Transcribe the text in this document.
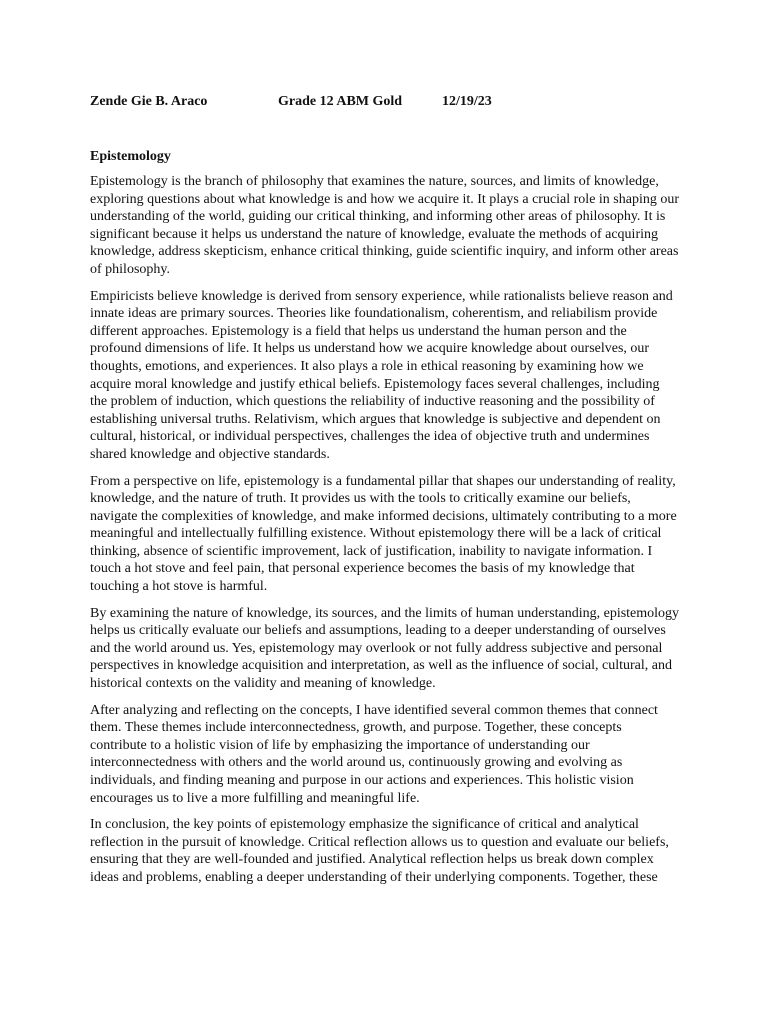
Zende Gie B. Araco	Grade 12 ABM Gold	12/19/23
Epistemology

Epistemology is the branch of philosophy that examines the nature, sources, and limits of knowledge, exploring questions about what knowledge is and how we acquire it. It plays a crucial role in shaping our understanding of the world, guiding our critical thinking, and informing other areas of philosophy. It is significant because it helps us understand the nature of knowledge, evaluate the methods of acquiring knowledge, address skepticism, enhance critical thinking, guide scientific inquiry, and inform other areas of philosophy.

Empiricists believe knowledge is derived from sensory experience, while rationalists believe reason and innate ideas are primary sources. Theories like foundationalism, coherentism, and reliabilism provide different approaches. Epistemology is a field that helps us understand the human person and the profound dimensions of life. It helps us understand how we acquire knowledge about ourselves, our thoughts, emotions, and experiences. It also plays a role in ethical reasoning by examining how we acquire moral knowledge and justify ethical beliefs. Epistemology faces several challenges, including the problem of induction, which questions the reliability of inductive reasoning and the possibility of establishing universal truths. Relativism, which argues that knowledge is subjective and dependent on cultural, historical, or individual perspectives, challenges the idea of objective truth and undermines shared knowledge and objective standards.

From a perspective on life, epistemology is a fundamental pillar that shapes our understanding of reality, knowledge, and the nature of truth. It provides us with the tools to critically examine our beliefs, navigate the complexities of knowledge, and make informed decisions, ultimately contributing to a more meaningful and intellectually fulfilling existence. Without epistemology there will be a lack of critical thinking, absence of scientific improvement, lack of justification, inability to navigate information. I touch a hot stove and feel pain, that personal experience becomes the basis of my knowledge that touching a hot stove is harmful.

By examining the nature of knowledge, its sources, and the limits of human understanding, epistemology helps us critically evaluate our beliefs and assumptions, leading to a deeper understanding of ourselves and the world around us. Yes, epistemology may overlook or not fully address subjective and personal perspectives in knowledge acquisition and interpretation, as well as the influence of social, cultural, and historical contexts on the validity and meaning of knowledge.

After analyzing and reflecting on the concepts, I have identified several common themes that connect them. These themes include interconnectedness, growth, and purpose. Together, these concepts contribute to a holistic vision of life by emphasizing the importance of understanding our interconnectedness with others and the world around us, continuously growing and evolving as individuals, and finding meaning and purpose in our actions and experiences. This holistic vision encourages us to live a more fulfilling and meaningful life.

In conclusion, the key points of epistemology emphasize the significance of critical and analytical reflection in the pursuit of knowledge. Critical reflection allows us to question and evaluate our beliefs, ensuring that they are well-founded and justified. Analytical reflection helps us break down complex ideas and problems, enabling a deeper understanding of their underlying components. Together, these
